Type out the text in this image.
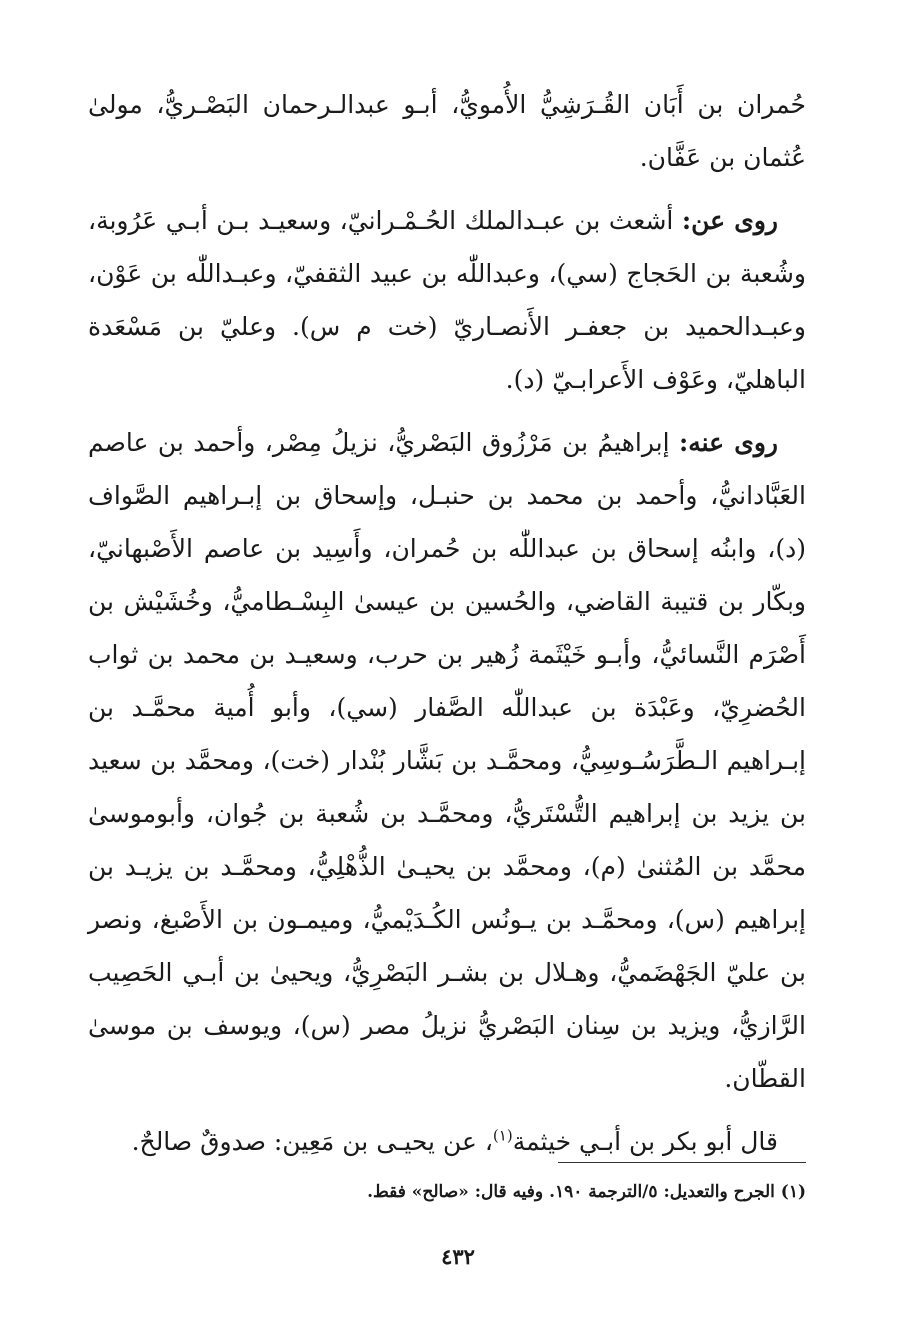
حُمران بن أَبَان القُـرَشِيُّ الأُمويُّ، أبـو عبدالـرحمان البَصْـريُّ، مولىٰ عُثمان بن عَفَّان.

روى عن: أشعث بن عبـدالملك الحُـمْـرانيّ، وسعيـد بـن أبـي عَرُوبة، وشُعبة بن الحَجاج (سي)، وعبداللّٰه بن عبيد الثقفيّ، وعبـداللّٰه بن عَوْن، وعبـدالحميد بن جعفـر الأَنصـاريّ (خت م س). وعليّ بن مَسْعَدة الباهليّ، وعَوْف الأَعرابـيّ (د).

روى عنه: إبراهيمُ بن مَرْزُوق البَصْريُّ، نزيلُ مِصْر، وأحمد بن عاصم العَبَّادانيُّ، وأحمد بن محمد بن حنبـل، وإسحاق بن إبـراهيم الصَّواف (د)، وابنُه إسحاق بن عبداللّٰه بن حُمران، وأَسِيد بن عاصم الأَصْبهانيّ، وبكّار بن قتيبة القاضي، والحُسين بن عيسىٰ البِسْـطاميُّ، وخُشَيْش بن أَصْرَم النَّسائيُّ، وأبـو خَيْثَمة زُهير بن حرب، وسعيـد بن محمد بن ثواب الحُضرِيّ، وعَبْدَة بن عبداللّٰه الصَّفار (سي)، وأبو أُمية محمَّـد بن إبـراهيم الـطَّرَسُـوسِيُّ، ومحمَّـد بن بَشَّار بُنْدار (خت)، ومحمَّد بن سعيد بن يزيد بن إبراهيم التُّسْتَريُّ، ومحمَّـد بن شُعبة بن جُوان، وأبوموسىٰ محمَّد بن المُثنىٰ (م)، ومحمَّد بن يحيـىٰ الذُّهْلِيُّ، ومحمَّـد بن يزيـد بن إبراهيم (س)، ومحمَّـد بن يـونُس الكُـدَيْميُّ، وميمـون بن الأَصْبغ، ونصر بن عليّ الجَهْضَميُّ، وهـلال بن بشـر البَصْرِيُّ، ويحيىٰ بن أبـي الحَصِيب الرَّازيُّ، ويزيد بن سِنان البَصْريُّ نزيلُ مصر (س)، ويوسف بن موسىٰ القطّان.

قال أبو بكر بن أبـي خيثمة$^{(١)}$، عن يحيـى بن مَعِين: صدوقٌ صالحٌ.

(١) الجرح والتعديل: ٥/الترجمة ١٩٠. وفيه قال: «صالح» فقط.
٤٣٢
